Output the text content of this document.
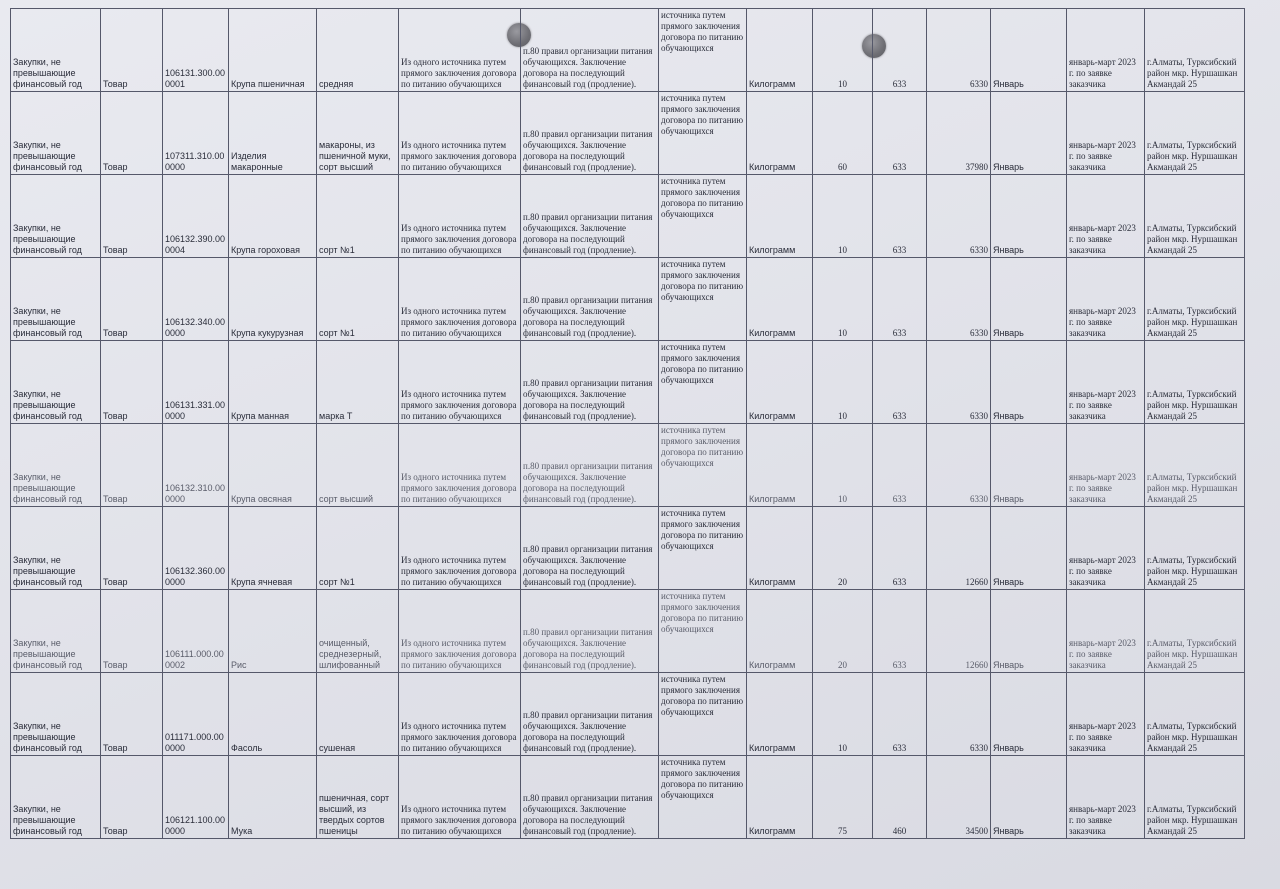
Закупки, не превышающие финансовый год	Товар	106131.300.000001	Крупа пшеничная	средняя	Из одного источника путем прямого заключения договора по питанию обучающихся	п.80 правил организации питания обучающихся. Заключение договора на последующий финансовый год (продление).	источника путем прямого заключения договора по питанию обучающихся	Килограмм	10	633	6330	Январь	январь-март 2023 г. по заявке заказчика	г.Алматы, Турксибский район мкр. Нуршашкан Акмандай 25
Закупки, не превышающие финансовый год	Товар	107311.310.000000	Изделия макаронные	макароны, из пшеничной муки, сорт высший	Из одного источника путем прямого заключения договора по питанию обучающихся	п.80 правил организации питания обучающихся. Заключение договора на последующий финансовый год (продление).	источника путем прямого заключения договора по питанию обучающихся	Килограмм	60	633	37980	Январь	январь-март 2023 г. по заявке заказчика	г.Алматы, Турксибский район мкр. Нуршашкан Акмандай 25
Закупки, не превышающие финансовый год	Товар	106132.390.000004	Крупа гороховая	сорт №1	Из одного источника путем прямого заключения договора по питанию обучающихся	п.80 правил организации питания обучающихся. Заключение договора на последующий финансовый год (продление).	источника путем прямого заключения договора по питанию обучающихся	Килограмм	10	633	6330	Январь	январь-март 2023 г. по заявке заказчика	г.Алматы, Турксибский район мкр. Нуршашкан Акмандай 25
Закупки, не превышающие финансовый год	Товар	106132.340.000000	Крупа кукурузная	сорт №1	Из одного источника путем прямого заключения договора по питанию обучающихся	п.80 правил организации питания обучающихся. Заключение договора на последующий финансовый год (продление).	источника путем прямого заключения договора по питанию обучающихся	Килограмм	10	633	6330	Январь	январь-март 2023 г. по заявке заказчика	г.Алматы, Турксибский район мкр. Нуршашкан Акмандай 25
Закупки, не превышающие финансовый год	Товар	106131.331.000000	Крупа манная	марка Т	Из одного источника путем прямого заключения договора по питанию обучающихся	п.80 правил организации питания обучающихся. Заключение договора на последующий финансовый год (продление).	источника путем прямого заключения договора по питанию обучающихся	Килограмм	10	633	6330	Январь	январь-март 2023 г. по заявке заказчика	г.Алматы, Турксибский район мкр. Нуршашкан Акмандай 25
Закупки, не превышающие финансовый год	Товар	106132.310.000000	Крупа овсяная	сорт высший	Из одного источника путем прямого заключения договора по питанию обучающихся	п.80 правил организации питания обучающихся. Заключение договора на последующий финансовый год (продление).	источника путем прямого заключения договора по питанию обучающихся	Килограмм	10	633	6330	Январь	январь-март 2023 г. по заявке заказчика	г.Алматы, Турксибский район мкр. Нуршашкан Акмандай 25
Закупки, не превышающие финансовый год	Товар	106132.360.000000	Крупа ячневая	сорт №1	Из одного источника путем прямого заключения договора по питанию обучающихся	п.80 правил организации питания обучающихся. Заключение договора на последующий финансовый год (продление).	источника путем прямого заключения договора по питанию обучающихся	Килограмм	20	633	12660	Январь	январь-март 2023 г. по заявке заказчика	г.Алматы, Турксибский район мкр. Нуршашкан Акмандай 25
Закупки, не превышающие финансовый год	Товар	106111.000.000002	Рис	очищенный, среднезерный, шлифованный	Из одного источника путем прямого заключения договора по питанию обучающихся	п.80 правил организации питания обучающихся. Заключение договора на последующий финансовый год (продление).	источника путем прямого заключения договора по питанию обучающихся	Килограмм	20	633	12660	Январь	январь-март 2023 г. по заявке заказчика	г.Алматы, Турксибский район мкр. Нуршашкан Акмандай 25
Закупки, не превышающие финансовый год	Товар	011171.000.000000	Фасоль	сушеная	Из одного источника путем прямого заключения договора по питанию обучающихся	п.80 правил организации питания обучающихся. Заключение договора на последующий финансовый год (продление).	источника путем прямого заключения договора по питанию обучающихся	Килограмм	10	633	6330	Январь	январь-март 2023 г. по заявке заказчика	г.Алматы, Турксибский район мкр. Нуршашкан Акмандай 25
Закупки, не превышающие финансовый год	Товар	106121.100.000000	Мука	пшеничная, сорт высший, из твердых сортов пшеницы	Из одного источника путем прямого заключения договора по питанию обучающихся	п.80 правил организации питания обучающихся. Заключение договора на последующий финансовый год (продление).	источника путем прямого заключения договора по питанию обучающихся	Килограмм	75	460	34500	Январь	январь-март 2023 г. по заявке заказчика	г.Алматы, Турксибский район мкр. Нуршашкан Акмандай 25
